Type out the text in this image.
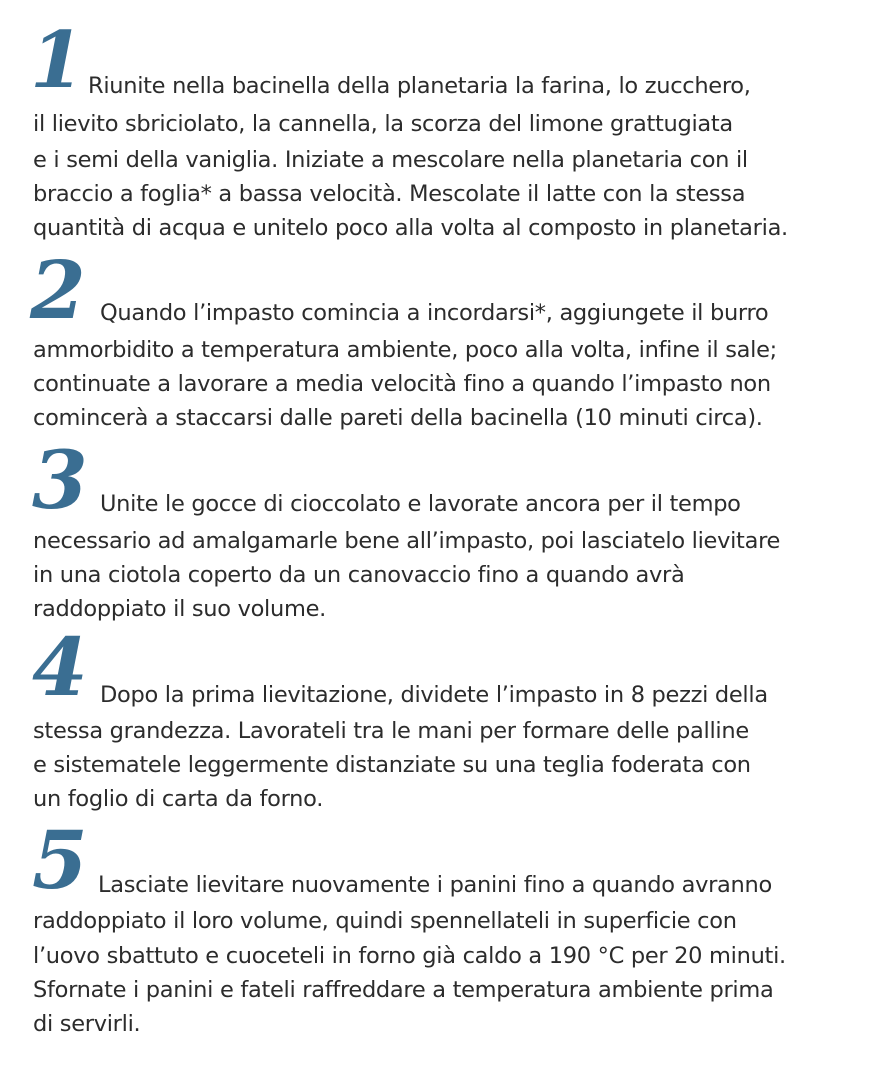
1 Riunite nella bacinella della planetaria la farina, lo zucchero,
il lievito sbriciolato, la cannella, la scorza del limone grattugiata
e i semi della vaniglia. Iniziate a mescolare nella planetaria con il
braccio a foglia* a bassa velocità. Mescolate il latte con la stessa
quantità di acqua e unitelo poco alla volta al composto in planetaria.
2 Quando l’impasto comincia a incordarsi*, aggiungete il burro
ammorbidito a temperatura ambiente, poco alla volta, infine il sale;
continuate a lavorare a media velocità fino a quando l’impasto non
comincerà a staccarsi dalle pareti della bacinella (10 minuti circa).
3 Unite le gocce di cioccolato e lavorate ancora per il tempo
necessario ad amalgamarle bene all’impasto, poi lasciatelo lievitare
in una ciotola coperto da un canovaccio fino a quando avrà
raddoppiato il suo volume.
4 Dopo la prima lievitazione, dividete l’impasto in 8 pezzi della
stessa grandezza. Lavorateli tra le mani per formare delle palline
e sistematele leggermente distanziate su una teglia foderata con
un foglio di carta da forno.
5 Lasciate lievitare nuovamente i panini fino a quando avranno
raddoppiato il loro volume, quindi spennellateli in superficie con
l’uovo sbattuto e cuoceteli in forno già caldo a 190 °C per 20 minuti.
Sfornate i panini e fateli raffreddare a temperatura ambiente prima
di servirli.
